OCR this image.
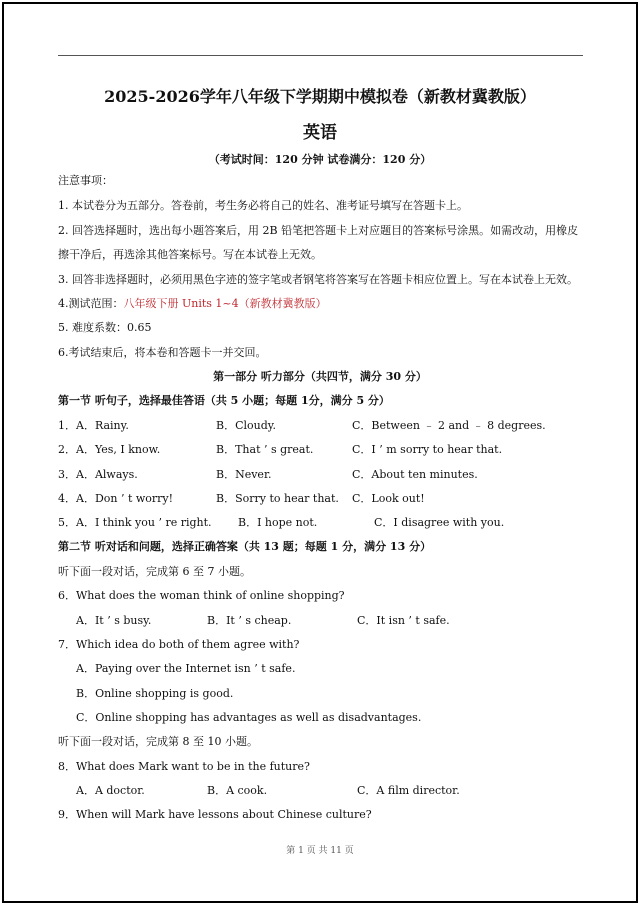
2025-2026学年八年级下学期期中模拟卷（新教材冀教版）
英语
（考试时间：120 分钟 试卷满分：120 分）
注意事项：
1. 本试卷分为五部分。答卷前，考生务必将自己的姓名、准考证号填写在答题卡上。
2. 回答选择题时，选出每小题答案后，用 2B 铅笔把答题卡上对应题目的答案标号涂黑。如需改动，用橡皮
擦干净后，再选涂其他答案标号。写在本试卷上无效。
3. 回答非选择题时，必须用黑色字迹的签字笔或者钢笔将答案写在答题卡相应位置上。写在本试卷上无效。
4.测试范围：八年级下册 Units 1~4（新教材冀教版）
5. 难度系数：0.65
6.考试结束后，将本卷和答题卡一并交回。
第一部分 听力部分（共四节，满分 30 分）
第一节 听句子，选择最佳答语（共 5 小题；每题 1分，满分 5 分）
1． A．Rainy.	B．Cloudy.	C．Between ﹣ 2 and ﹣ 8 degrees.
2． A．Yes, I know.	B．That ’ s great.	C．I ’ m sorry to hear that.
3． A．Always.	B．Never.	C．About ten minutes.
4． A．Don ’ t worry!	B．Sorry to hear that. C．Look out!
5． A．I think you ’ re right. B．I hope not.	C．I disagree with you.
第二节 听对话和问题，选择正确答案（共 13 题；每题 1 分，满分 13 分）
听下面一段对话，完成第 6 至 7 小题。
6．What does the woman think of online shopping?
A．It ’ s busy.	B．It ’ s cheap.	C．It isn ’ t safe.
7．Which idea do both of them agree with?
A．Paying over the Internet isn ’ t safe.
B．Online shopping is good.
C．Online shopping has advantages as well as disadvantages.
听下面一段对话，完成第 8 至 10 小题。
8．What does Mark want to be in the future?
A．A doctor.	B．A cook.	C．A film director.
9．When will Mark have lessons about Chinese culture?
第 1 页 共 11 页
